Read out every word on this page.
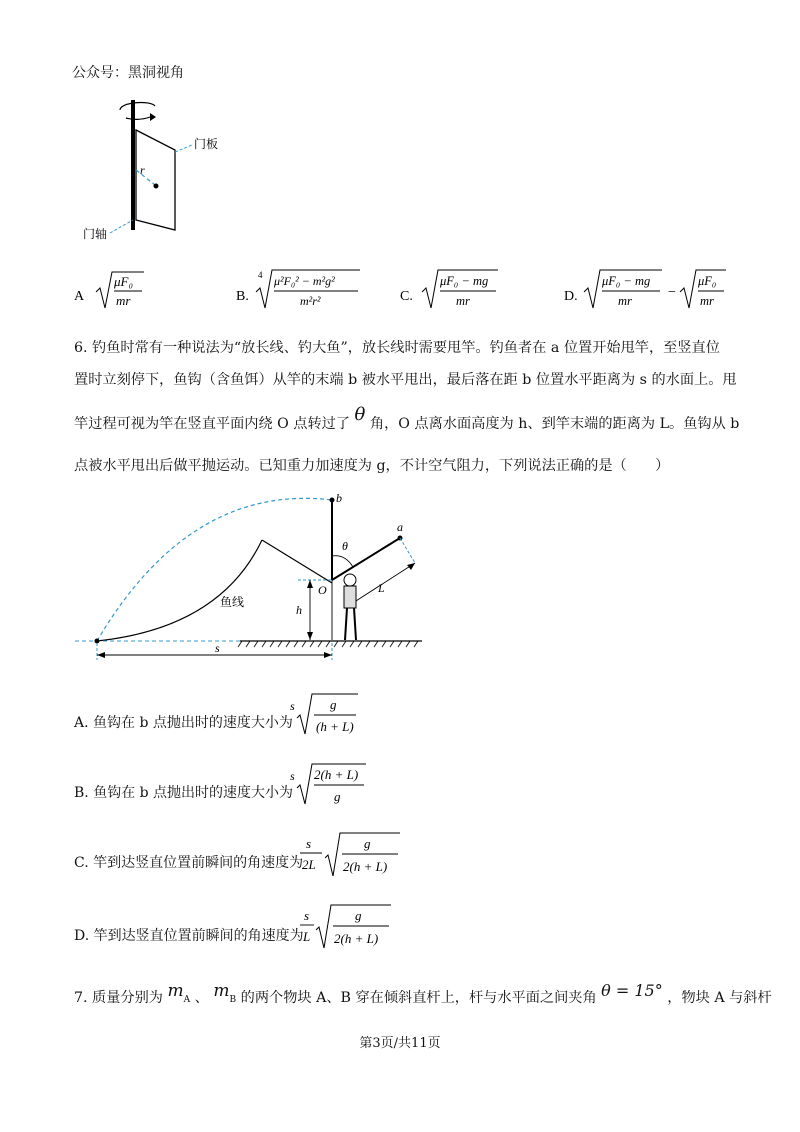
公众号：黑洞视角
门板
门轴
r
A
μF₀
mr	B.
4 μ²F₀² − m²g²
m²r²	C.
μF₀ − mg
mr	D.
μF₀ − mg
mr
−
μF₀
mr
6. 钓鱼时常有一种说法为“放长线、钓大鱼”，放长线时需要甩竿。钓鱼者在 a 位置开始甩竿，至竖直位
置时立刻停下，鱼钩（含鱼饵）从竿的末端 b 被水平甩出，最后落在距 b 位置水平距离为 s 的水面上。甩
竿过程可视为竿在竖直平面内绕 O 点转过了 θ 角，O 点离水面高度为 h、到竿末端的距离为 L。鱼钩从 b
点被水平甩出后做平抛运动。已知重力加速度为 g，不计空气阻力，下列说法正确的是（　　）
b
a
θ
O	L
h
s
鱼线
A. 鱼钩在 b 点抛出时的速度大小为
s	g
(h + L)
B. 鱼钩在 b 点抛出时的速度大小为
s 2(h + L)
g
C. 竿到达竖直位置前瞬间的角速度为
s
2L
g
2(h + L)
D. 竿到达竖直位置前瞬间的角速度为
s
L
g
2(h + L)
7. 质量分别为 $m_A$ 、 $m_B$ 的两个物块 A、B 穿在倾斜直杆上，杆与水平面之间夹角 θ = 15° ，物块 A 与斜杆
第3页/共11页
